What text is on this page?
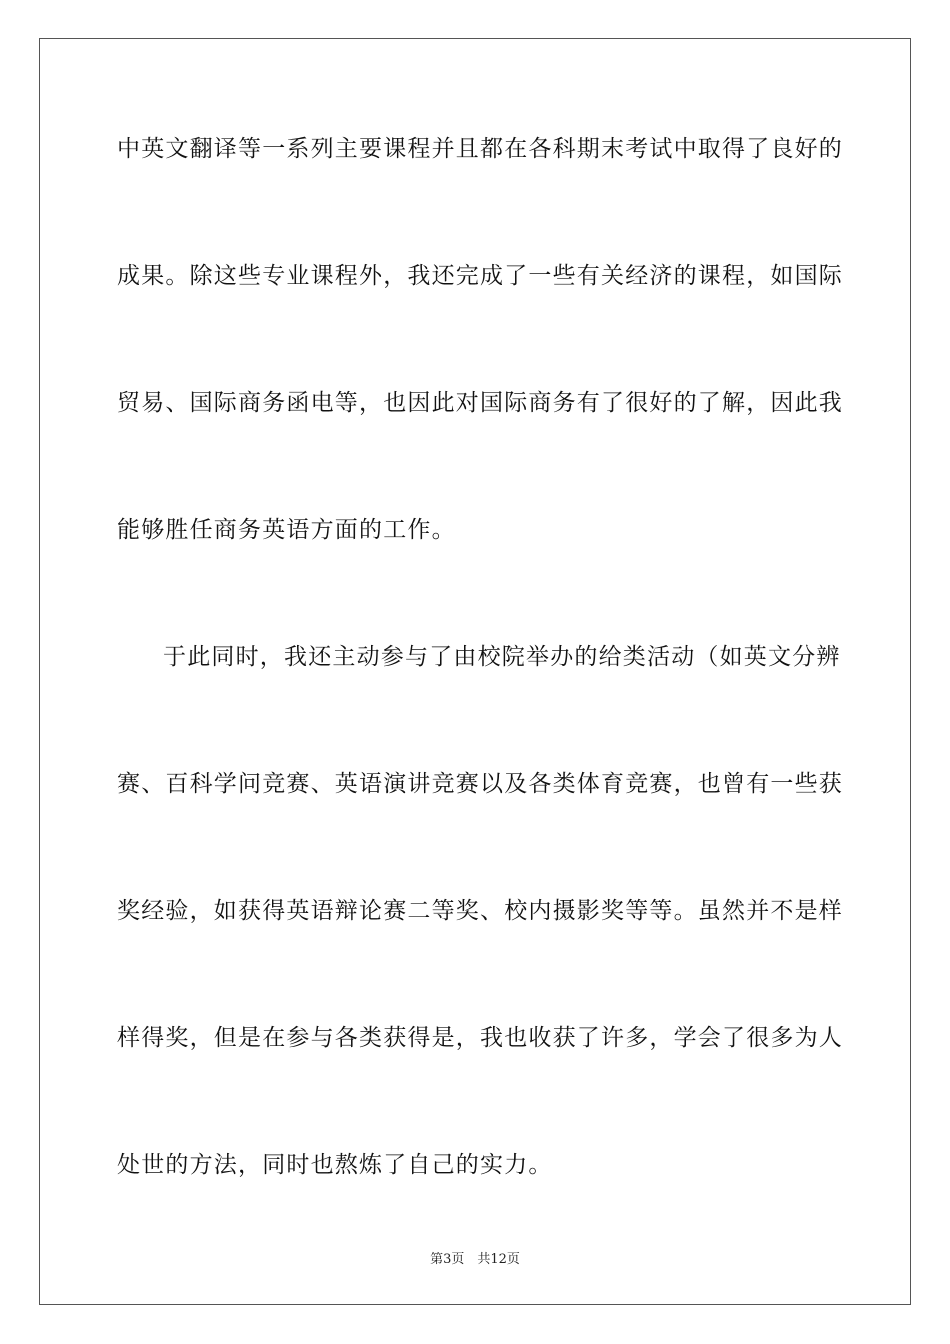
中英文翻译等一系列主要课程并且都在各科期末考试中取得了良好的
成果。除这些专业课程外，我还完成了一些有关经济的课程，如国际
贸易、国际商务函电等，也因此对国际商务有了很好的了解，因此我
能够胜任商务英语方面的工作。
于此同时，我还主动参与了由校院举办的给类活动（如英文分辨
赛、百科学问竞赛、英语演讲竞赛以及各类体育竞赛，也曾有一些获
奖经验，如获得英语辩论赛二等奖、校内摄影奖等等。虽然并不是样
样得奖，但是在参与各类获得是，我也收获了许多，学会了很多为人
处世的方法，同时也熬炼了自己的实力。
第3页　共12页
